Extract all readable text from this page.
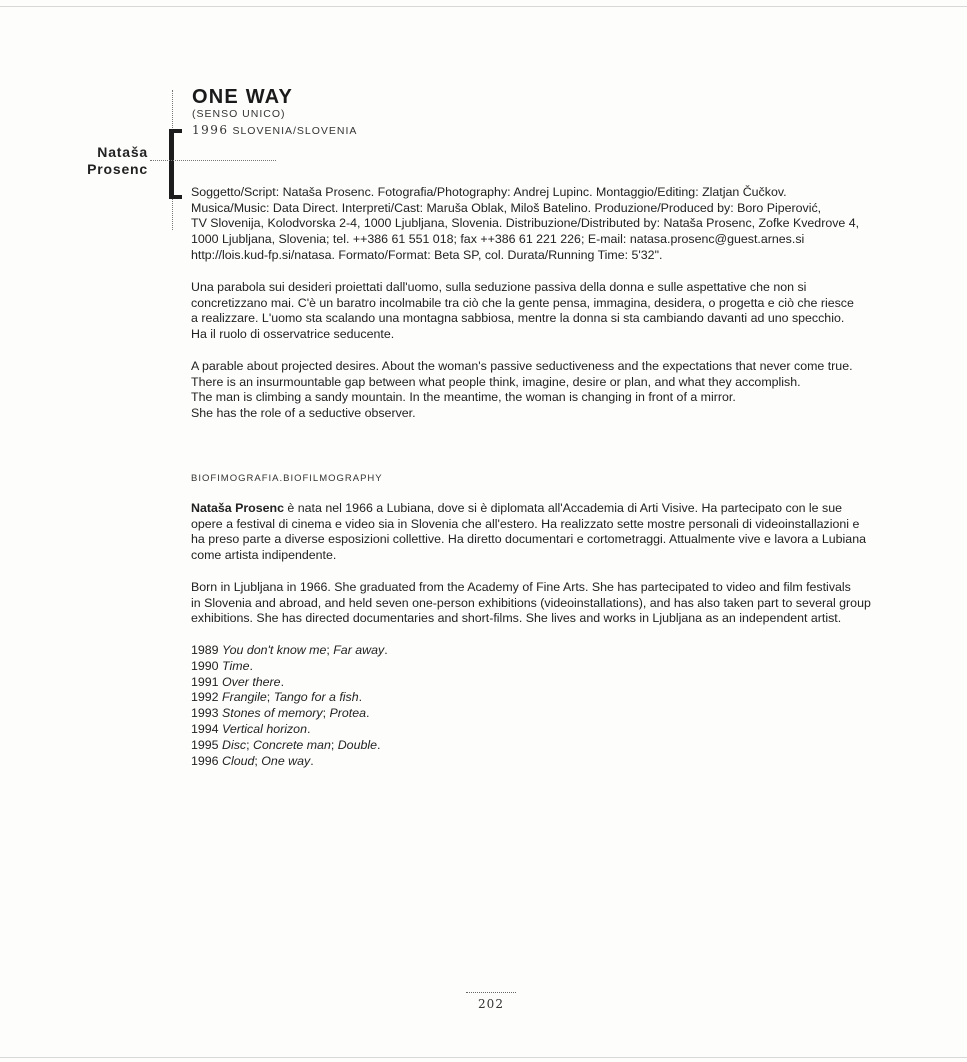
Nataša
Prosenc
ONE WAY
(SENSO UNICO)
1996 SLOVENIA/SLOVENIA

Soggetto/Script: Nataša Prosenc. Fotografia/Photography: Andrej Lupinc. Montaggio/Editing: Zlatjan Čučkov.

Musica/Music: Data Direct. Interpreti/Cast: Maruša Oblak, Miloš Batelino. Produzione/Produced by: Boro Piperović,

TV Slovenija, Kolodvorska 2-4, 1000 Ljubljana, Slovenia. Distribuzione/Distributed by: Nataša Prosenc, Zofke Kvedrove 4,

1000 Ljubljana, Slovenia; tel. ++386 61 551 018; fax ++386 61 221 226; E-mail: natasa.prosenc@guest.arnes.si

http://lois.kud-fp.si/natasa. Formato/Format: Beta SP, col. Durata/Running Time: 5'32".

Una parabola sui desideri proiettati dall'uomo, sulla seduzione passiva della donna e sulle aspettative che non si

concretizzano mai. C'è un baratro incolmabile tra ciò che la gente pensa, immagina, desidera, o progetta e ciò che riesce

a realizzare. L'uomo sta scalando una montagna sabbiosa, mentre la donna si sta cambiando davanti ad uno specchio.

Ha il ruolo di osservatrice seducente.

A parable about projected desires. About the woman's passive seductiveness and the expectations that never come true.

There is an insurmountable gap between what people think, imagine, desire or plan, and what they accomplish.

The man is climbing a sandy mountain. In the meantime, the woman is changing in front of a mirror.

She has the role of a seductive observer.

BIOFIMOGRAFIA.BIOFILMOGRAPHY

Nataša Prosenc è nata nel 1966 a Lubiana, dove si è diplomata all'Accademia di Arti Visive. Ha partecipato con le sue

opere a festival di cinema e video sia in Slovenia che all'estero. Ha realizzato sette mostre personali di videoinstallazioni e

ha preso parte a diverse esposizioni collettive. Ha diretto documentari e cortometraggi. Attualmente vive e lavora a Lubiana

come artista indipendente.

Born in Ljubljana in 1966. She graduated from the Academy of Fine Arts. She has partecipated to video and film festivals

in Slovenia and abroad, and held seven one-person exhibitions (videoinstallations), and has also taken part to several group

exhibitions. She has directed documentaries and short-films. She lives and works in Ljubljana as an independent artist.

1989 You don't know me; Far away.
1990 Time.
1991 Over there.
1992 Frangile; Tango for a fish.
1993 Stones of memory; Protea.
1994 Vertical horizon.
1995 Disc; Concrete man; Double.
1996 Cloud; One way.
202
